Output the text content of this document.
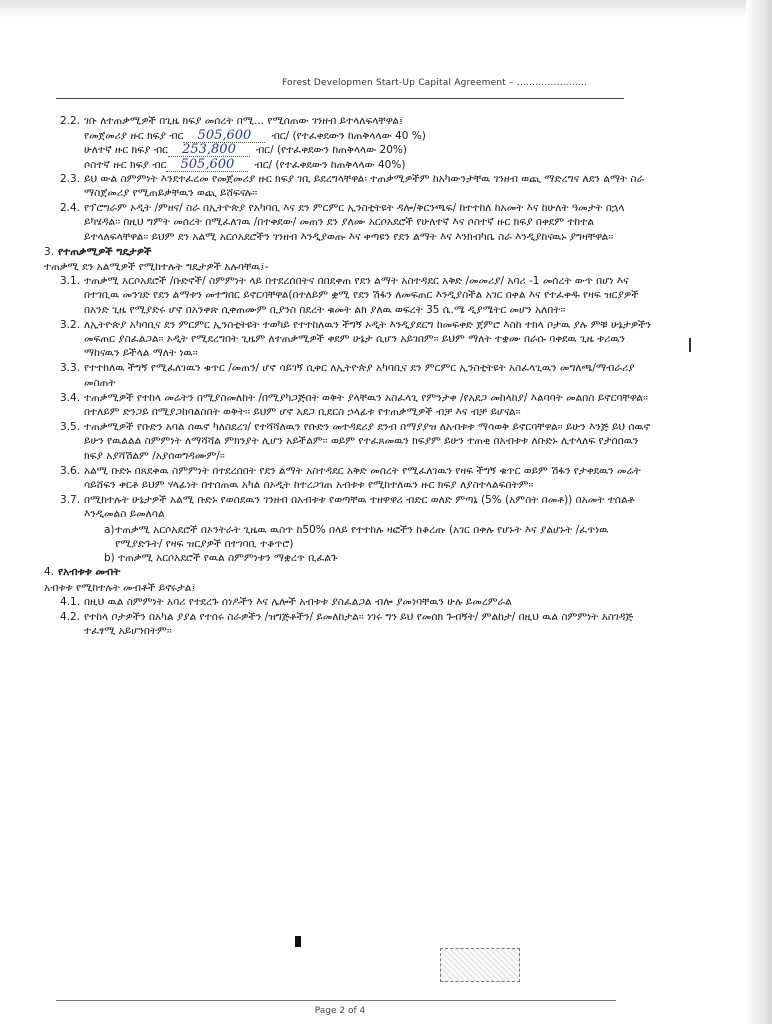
Forest Developmen Start-Up Capital Agreement – .......................
2.2. ገቡ ለተጠቃሚዎች በጊዜ ክፍያ መሰረት በሚ... የሚሰጠው ገንዘብ ይተላለፍላቸዋል፤
የመጀመሪያ ዙር ክፍያ ብር 505,600 ብር/ (የተፈቀደውን ከጠቅላላው 40 %)
ሁለተኛ ዙር ክፍያ ብር 253,800 ብር/ (የተፈቀደውን ከጠቅላላው 20%)
ሶስተኛ ዙር ክፍያ ብር 505,600 ብር/ (የተፈቀደውን ከጠቅላላው 40%)
2.3. ይህ ውል ስምምነት እንደተፈረመ የመጀመሪያ ዙር ክፍያ ገቢ ይደረግላቸዋል፡ ተጠቃሚዎችም ከአካውንታቸዉ ገንዘብ ወጪ ማድረግና ለደን ልማት ስራ ማስጀመሪያ የሚጠይቃቸዉን ወጪ ይሸፍናሉ፡፡
2.4. የፕሮግራም ኦዲት /ምዘና/ ስራ በኢትዮጵያ የአካባቢ እና ደን ምርምር ኢንስቲትዩት ዳሎ/ቅርንጫፍ/ ከተተከለ ከአመት እና ከሁለት ዓመታት በኋላ ይካሄዳል፡፡ በዚህ ግምት መሰረት በሚፈለገዉ /በተቀደው/ መጠን ደን ያለሙ አርሶአደሮች የሁለተኛ እና ሶስተኛ ዙር ክፍያ በቀደም ተከተል ይተላለፍላቸዋል፡፡ ይህም ደን አልሚ አርሶአደሮችን ገንዘብ እንዲያወጡ እና ቀጣዩን የደን ልማት እና እንክብካቤ ስራ እንዲያከናዉኑ ያግዛቸዋል፡፡
3. የተጠቃሚዎች ግዴታዎች
ተጠቃሚ ደን አልሚዎች የሚከተሉት ግዴታዎች አሉባቸዉ፤-
3.1. ተጠቃሚ አርሶአደሮች /ቡድኖች/ ስምምነት ላይ በተደረሰበትና በበደቀጠ የደን ልማት አስተዳደር አቅድ /መመሪያ/ አባሪ -1 መሰረት ውጥ በሆነ እና በተገቢዉ መንገድ የደን ልማቱን መተግበር ይኖርባቸዋል(በተለይም ቋሚ የደን ሽፋን ለመፍጠር እንዲያስችል አገር በቀል እና የተፈቀዱ የዛፍ ዝርያዎች በአንድ ጊዜ የሚያድሩ ሆኖ በአንቀጽ ሲቀጠሙም ቢያንስ በደረት ቁመት ልክ ያለዉ ወፍረት 35 ሴ.ሜ ዲያሜትር መሆን አለበት፡፡
3.2. ለኢትዮጵያ አካባቢና ደን ምርምር ኢንስቲትዩት ተወካይ የተተከለዉን ችግኝ ኦዲት እንዲያደርግ ከመፍቀድ ጀምሮ እስከ ተክላ ቦታዉ ያሉ ምቹ ሁኔታዎችን መፍጠር ያስፈልጋል፡፡ ኦዲት የሚደረግበት ጊዜም ለተጠቃሚዎች ቀደም ሁኔታ ሲሆን አይገበም፡፡ ይህም ማለት ተቋሙ በራሱ ባቀደዉ ጊዜ ቱሪዉን ማከናዉን ይችላል ማለት ነዉ፡፡
3.3. የተተከለዉ ችግኝ የሚፈለገዉን ቁጥር /መጠን/ ሆኖ ሳይገኝ ሲቀር ለኢትዮጵያ አካባቢና ደን ምርምር ኢንስቲትዩት አስፈላጊዉን መግለጫ/ማብራሪያ መስጠት
3.4. ተጠቃሚዎች የተከላ መሬትን በሚያስመለከት /በሚያካጋጅበት ወቅት ያላቸዉን አስፈላጊ የምንታቀ /የአደጋ መከላከያ/ እልባባት መልበስ ይኖርባቸዋል፡፡ በተለይም ድንጋይ በሚያጋከባልስበት ወቅት፡፡ ይህም ሆኖ አደጋ ቢደርስ ኃላፊቱ የተጠቃሚዎች ብቻ እና ብቻ ይሆናል፡፡
3.5. ተጠቃሚዎች የቡድን አባል ሰዉኖ ካለስደረገ/ የተሻሻለዉን የቡድን መተዳደሪያ ደንብ በማያያዝ ለአብቱቱ ማሳወቅ ይኖርባቸዋል፡፡ ይሁን እንጅ ይህ ሰዉኖ ይሁን የዉልልል ስምምነት ለማሻሻል ምክንያት ሊሆን አይችልም፡፡ ወይም የተፈጸመዉን ክፍያም ይሁን ተጠቂ በአብቱቱ ለቡድኑ ሊተላለፍ የታሰበዉን ክፍያ አያሻሽልም /አያሰወግዳሙም/፡፡
3.6. አልሚ ቡድኑ በጸደቀዉ ስምምነት በተደረሰበት የደን ልማት አስተዳደር አቅድ መሰረት የሚፈለገዉን የዛፍ ችግኝ ቁጥር ወይም ሽፋን የታቀደዉን መሬት ሳይሸፍን ቀርቶ ይህም ሃላፊነት በተሰጠዉ አካል በኦዲት ከተረጋገጠ አብቱቱ የሚከተለዉን ዙር ክፍያ ለያስተላልፍበትም፡፡
3.7. በሚከተሉት ሁኔታዎች አልሚ ቡድኑ የወሰደዉን ገንዘብ በአብቱቱ የወጣቸዉ ተዘዋዋሪ ብድር ወለድ ምጣኔ (5% (አምስት በመቶ)) በአመት ተሰልቶ እንዲመልስ ይመለሳል
a) ተጠቃሚ አርሶአደሮች በኦንትራት ጊዜዉ ዉስጥ ከ50% በላይ የተተከሉ ዛፎችን ከቆረጡ (አገር በቀሉ የሆኑት እና ያልሆኑት /ፈጥነዉ የሚያድጉት/ የዛፍ ዝርያዎች በተገባቢ ተቆጥሮ)
b) ተጠቃሚ አርሶአደሮች የዉል ስምምነቱን ማቋረጥ ቢፈልጉ
4. የአብቱቱ መብት
አብቱቱ የሚከተሉት መብቶች ይኖሩታል፤
4.1. በዚህ ዉል ስምምነት አባሪ የተደረጉ ሰነዶችን እና ሌሎች አብቱቱ ያስፈልጋል ብሎ ያመነባቸዉን ሁሉ ይመረምራል
4.2. የተከላ ቦታዎችን በአካል ያያል የተሰሩ ስራዎችን /ዝግጅቶችን/ ይመለከታል፡፡ ነገሩ ግን ይህ የመሰክ ጉብኝት/ ምልከታ/ በዚህ ዉል ስምምነት አስገዳጅ ተፈፃሚ አይሆንበትም፡፡
Page 2 of 4
